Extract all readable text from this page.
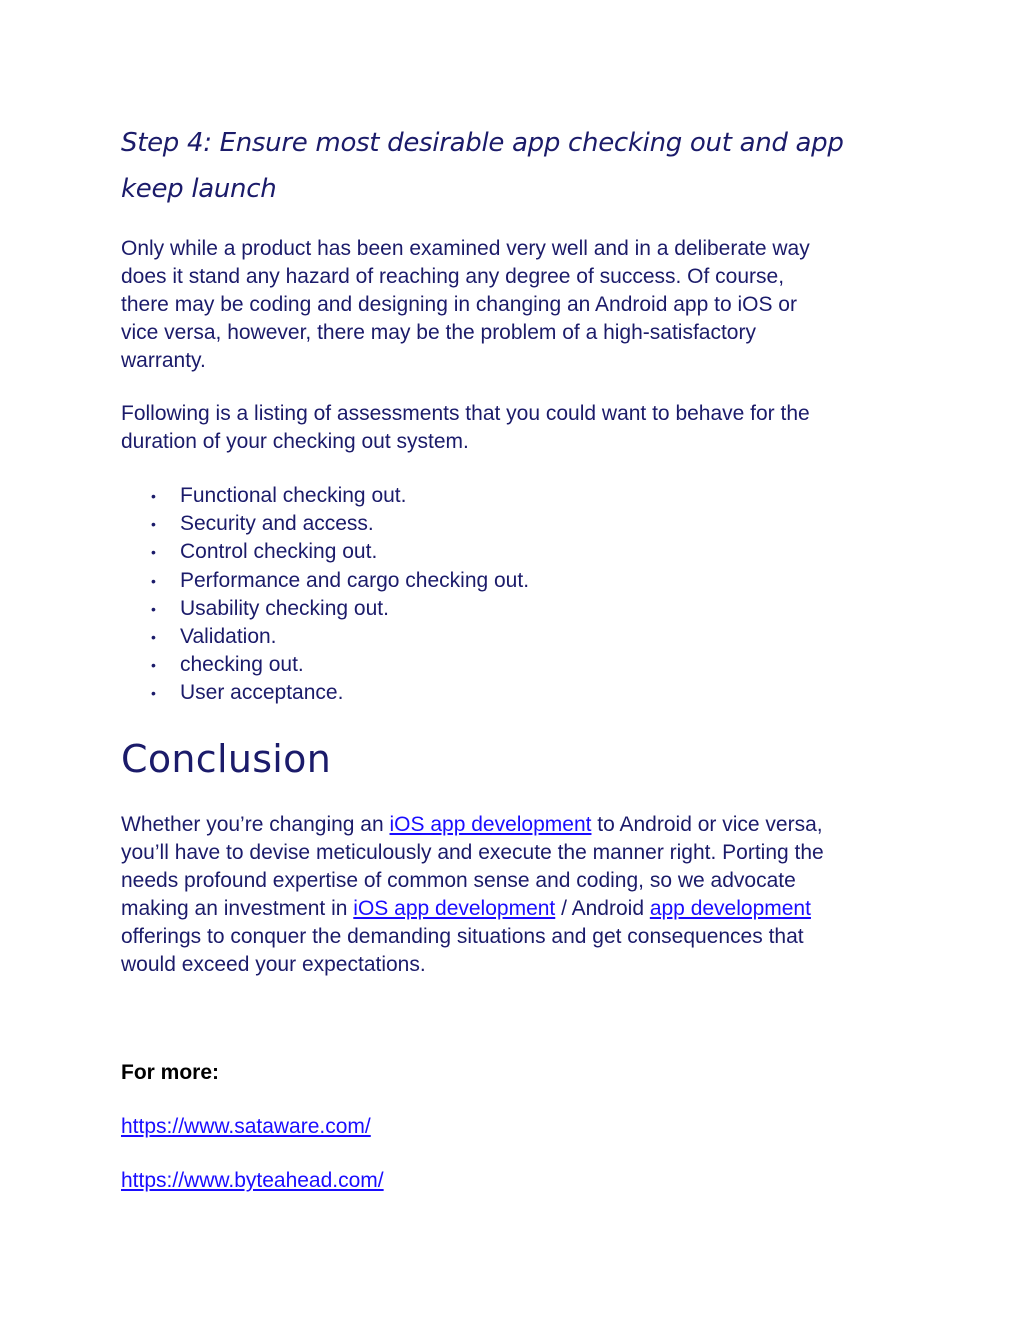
Step 4: Ensure most desirable app checking out and app
keep launch

Only while a product has been examined very well and in a deliberate way
does it stand any hazard of reaching any degree of success. Of course,
there may be coding and designing in changing an Android app to iOS or
vice versa, however, there may be the problem of a high-satisfactory
warranty.

Following is a listing of assessments that you could want to behave for the
duration of your checking out system.

• Functional checking out.
• Security and access.
• Control checking out.
• Performance and cargo checking out.
• Usability checking out.
• Validation.
• checking out.
• User acceptance.
Conclusion

Whether you’re changing an iOS app development to Android or vice versa,
you’ll have to devise meticulously and execute the manner right. Porting the
needs profound expertise of common sense and coding, so we advocate
making an investment in iOS app development / Android app development
offerings to conquer the demanding situations and get consequences that
would exceed your expectations.

For more:

https://www.sataware.com/

https://www.byteahead.com/
